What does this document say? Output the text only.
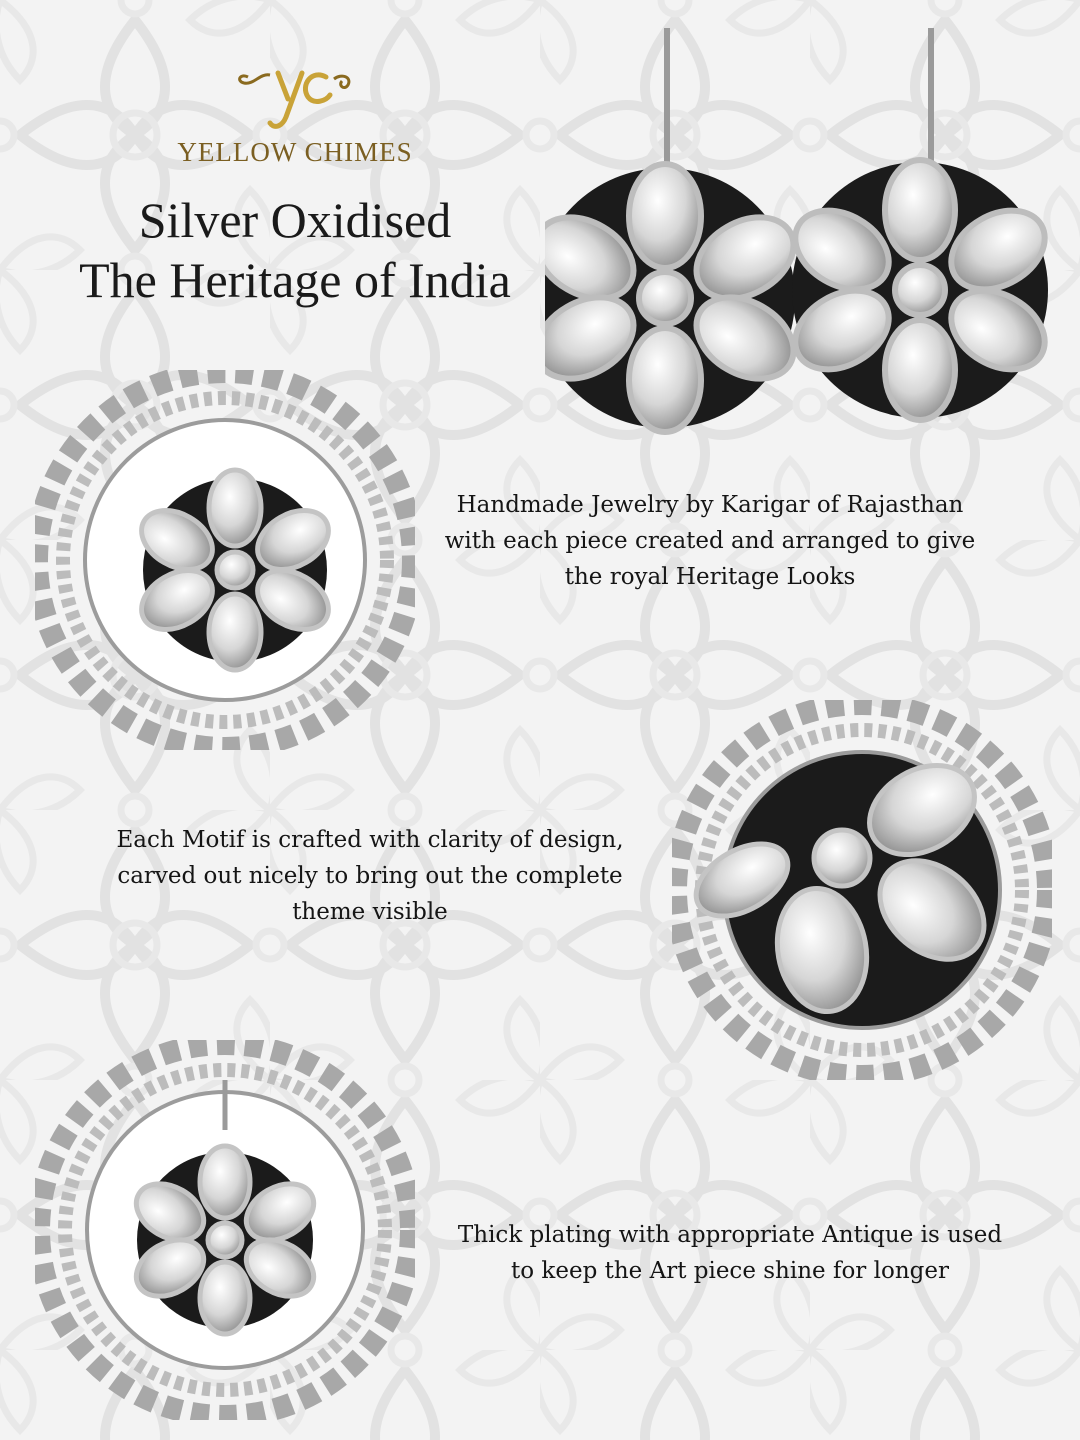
YELLOW CHIMES
Silver Oxidised
The Heritage of India
Handmade Jewelry by Karigar of Rajasthan
with each piece created and arranged to give
the royal Heritage Looks
Each Motif is crafted with clarity of design,
carved out nicely to bring out the complete
theme visible
Thick plating with appropriate Antique is used
to keep the Art piece shine for longer
